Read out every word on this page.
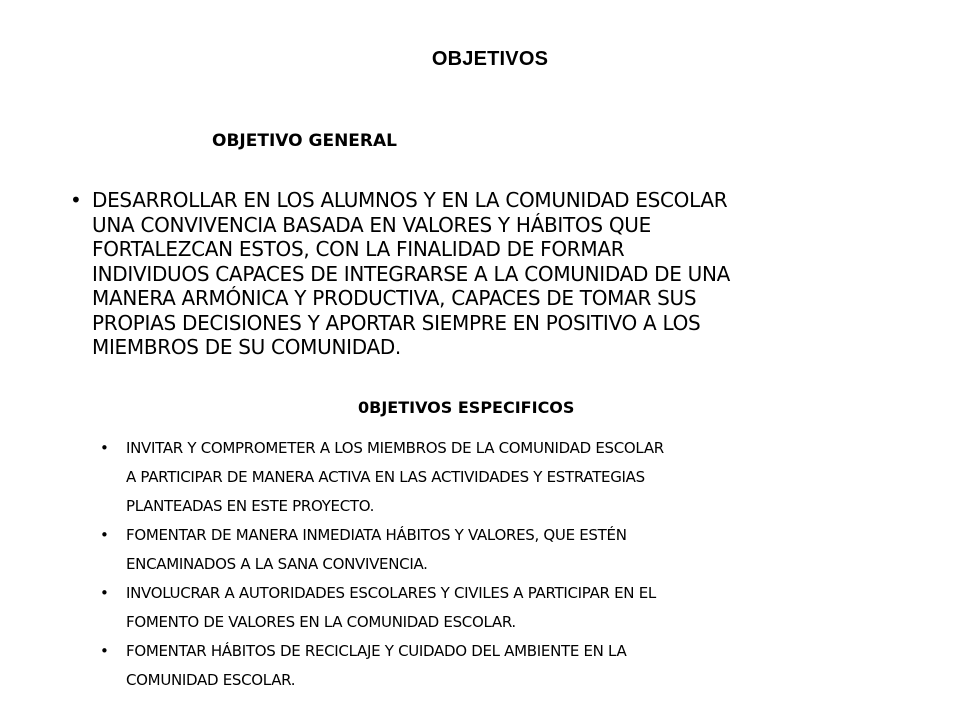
OBJETIVOS
OBJETIVO GENERAL
• DESARROLLAR EN LOS ALUMNOS Y EN LA COMUNIDAD ESCOLAR
UNA CONVIVENCIA BASADA EN VALORES Y HÁBITOS QUE
FORTALEZCAN ESTOS, CON LA FINALIDAD DE FORMAR
INDIVIDUOS CAPACES DE INTEGRARSE A LA COMUNIDAD DE UNA
MANERA ARMÓNICA Y PRODUCTIVA, CAPACES DE TOMAR SUS
PROPIAS DECISIONES Y APORTAR SIEMPRE EN POSITIVO A LOS
MIEMBROS DE SU COMUNIDAD.
0BJETIVOS ESPECIFICOS
• INVITAR Y COMPROMETER A LOS MIEMBROS DE LA COMUNIDAD ESCOLAR
A PARTICIPAR DE MANERA ACTIVA EN LAS ACTIVIDADES Y ESTRATEGIAS
PLANTEADAS EN ESTE PROYECTO.
• FOMENTAR DE MANERA INMEDIATA HÁBITOS Y VALORES, QUE ESTÉN
ENCAMINADOS A LA SANA CONVIVENCIA.
• INVOLUCRAR A AUTORIDADES ESCOLARES Y CIVILES A PARTICIPAR EN EL
FOMENTO DE VALORES EN LA COMUNIDAD ESCOLAR.
• FOMENTAR HÁBITOS DE RECICLAJE Y CUIDADO DEL AMBIENTE EN LA
COMUNIDAD ESCOLAR.
